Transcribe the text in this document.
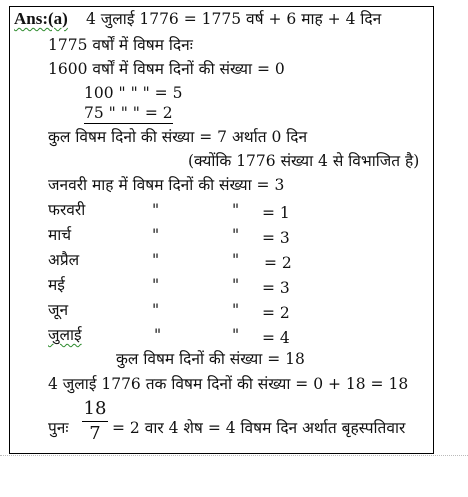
Ans:(a) 4 जुलाई 1776 = 1775 वर्ष + 6 माह + 4 दिन
1775 वर्षों में विषम दिनः
1600 वर्षों में विषम दिनों की संख्या = 0
100 " " " = 5
75 " " " = 2
कुल विषम दिनो की संख्या = 7 अर्थात 0 दिन
(क्योंकि 1776 संख्या 4 से विभाजित है)
जनवरी माह में विषम दिनों की संख्या = 3
फरवरी	"	" = 1
मार्च	"	" = 3
अप्रैल	"	" = 2
मई	"	" = 3
जून	"	" = 2
जुलाई	"	" = 4
कुल विषम दिनों की संख्या = 18
4 जुलाई 1776 तक विषम दिनों की संख्या = 0 + 18 = 18
पुनः
18
7 = 2 वार 4 शेष = 4 विषम दिन अर्थात बृहस्पतिवार
